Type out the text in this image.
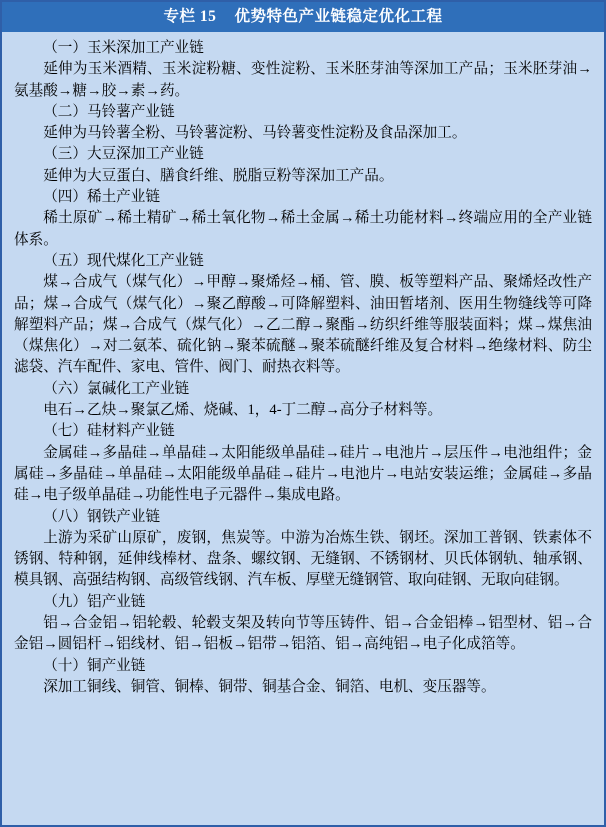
专栏 15 优势特色产业链稳定优化工程

（一）玉米深加工产业链

延伸为玉米酒精、玉米淀粉糖、变性淀粉、玉米胚芽油等深加工产品；玉米胚芽油→氨基酸→糖→胶→素→药。

（二）马铃薯产业链

延伸为马铃薯全粉、马铃薯淀粉、马铃薯变性淀粉及食品深加工。

（三）大豆深加工产业链

延伸为大豆蛋白、膳食纤维、脱脂豆粉等深加工产品。

（四）稀土产业链

稀土原矿→稀土精矿→稀土氧化物→稀土金属→稀土功能材料→终端应用的全产业链体系。

（五）现代煤化工产业链

煤→合成气（煤气化）→甲醇→聚烯烃→桶、管、膜、板等塑料产品、聚烯烃改性产品；煤→合成气（煤气化）→聚乙醇酸→可降解塑料、油田暂堵剂、医用生物缝线等可降解塑料产品；煤→合成气（煤气化）→乙二醇→聚酯→纺织纤维等服装面料；煤→煤焦油（煤焦化）→对二氨苯、硫化钠→聚苯硫醚→聚苯硫醚纤维及复合材料→绝缘材料、防尘滤袋、汽车配件、家电、管件、阀门、耐热衣料等。

（六）氯碱化工产业链

电石→乙炔→聚氯乙烯、烧碱、1，4-丁二醇→高分子材料等。

（七）硅材料产业链

金属硅→多晶硅→单晶硅→太阳能级单晶硅→硅片→电池片→层压件→电池组件；金属硅→多晶硅→单晶硅→太阳能级单晶硅→硅片→电池片→电站安装运维；金属硅→多晶硅→电子级单晶硅→功能性电子元器件→集成电路。

（八）钢铁产业链

上游为采矿山原矿，废钢，焦炭等。中游为冶炼生铁、钢坯。深加工普钢、铁素体不锈钢、特种钢，延伸线棒材、盘条、螺纹钢、无缝钢、不锈钢材、贝氏体钢轨、轴承钢、模具钢、高强结构钢、高级管线钢、汽车板、厚壁无缝钢管、取向硅钢、无取向硅钢。

（九）铝产业链

铝→合金铝→铝轮毂、轮毂支架及转向节等压铸件、铝→合金铝棒→铝型材、铝→合金铝→圆铝杆→铝线材、铝→铝板→铝带→铝箔、铝→高纯铝→电子化成箔等。

（十）铜产业链

深加工铜线、铜管、铜棒、铜带、铜基合金、铜箔、电机、变压器等。
